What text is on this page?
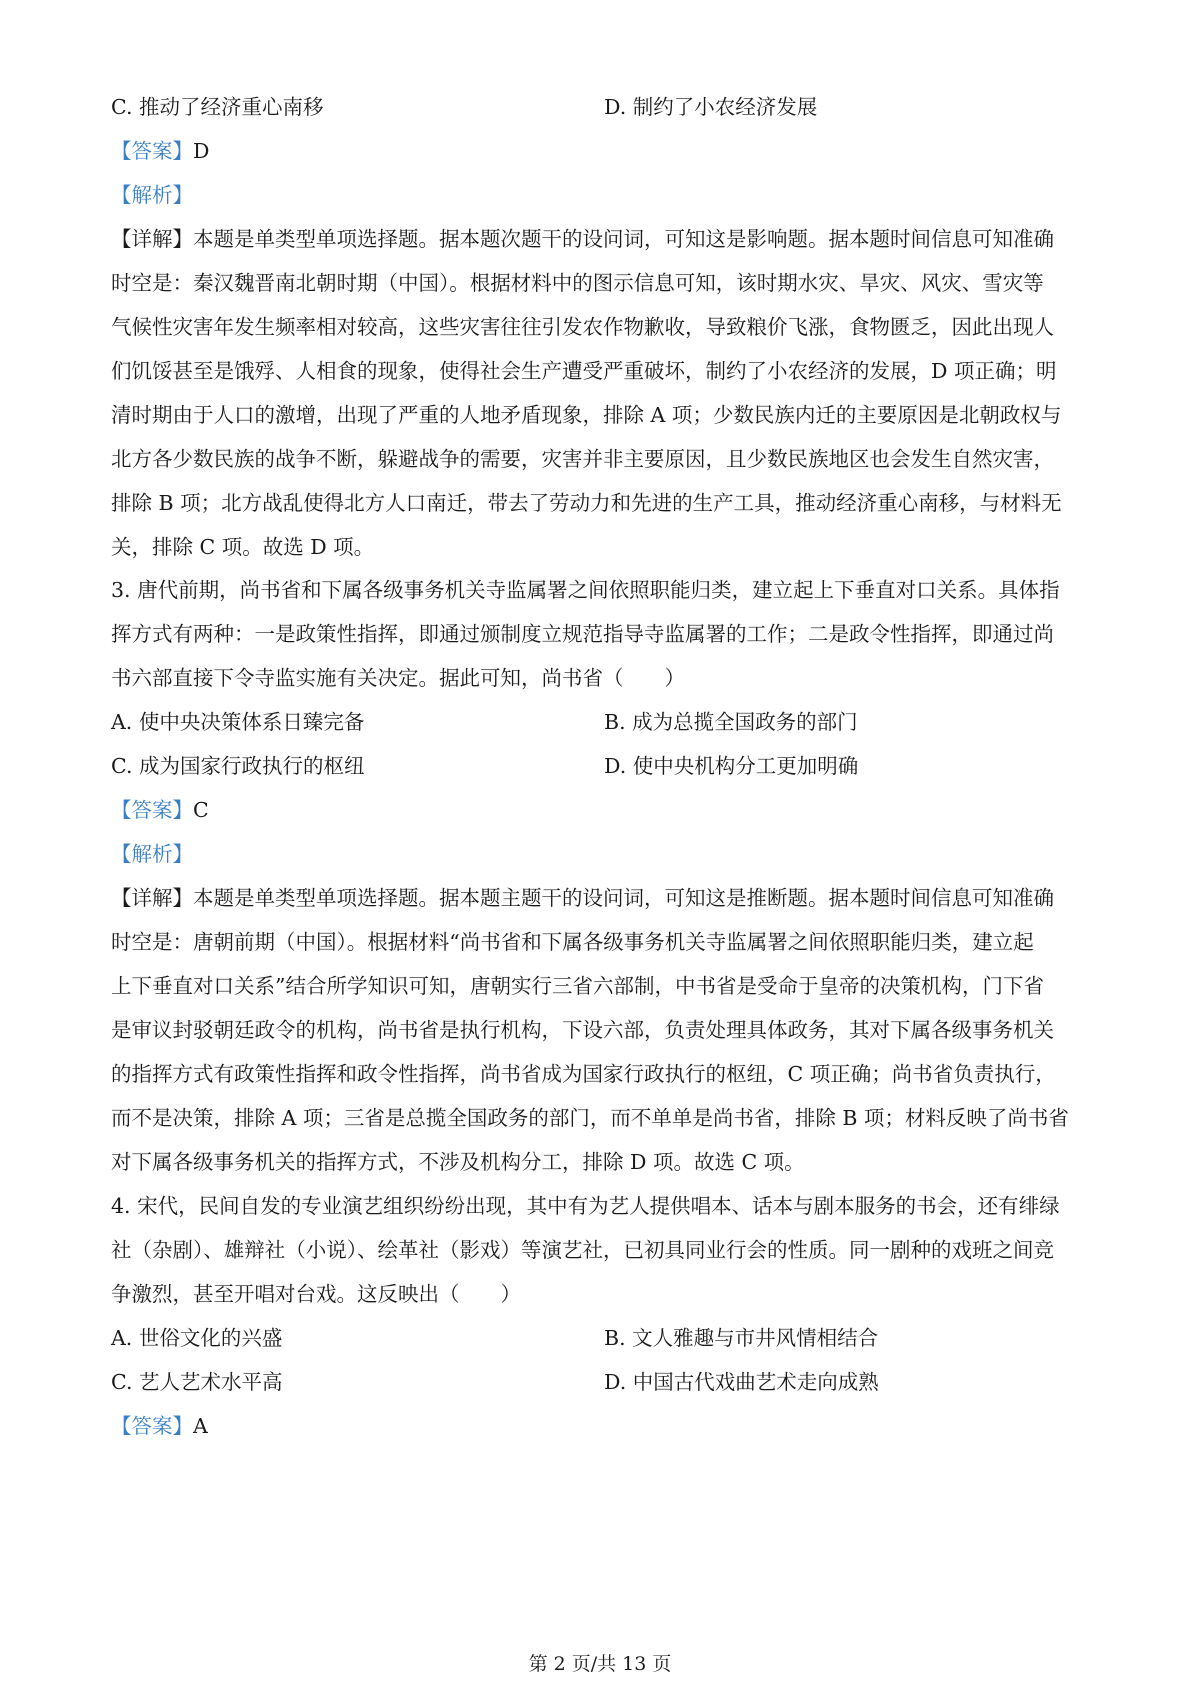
C. 推动了经济重心南移	D. 制约了小农经济发展
【答案】D
【解析】
【详解】本题是单类型单项选择题。据本题次题干的设问词，可知这是影响题。据本题时间信息可知准确
时空是：秦汉魏晋南北朝时期（中国）。根据材料中的图示信息可知，该时期水灾、旱灾、风灾、雪灾等
气候性灾害年发生频率相对较高，这些灾害往往引发农作物歉收，导致粮价飞涨，食物匮乏，因此出现人
们饥馁甚至是饿殍、人相食的现象，使得社会生产遭受严重破坏，制约了小农经济的发展，D 项正确；明
清时期由于人口的激增，出现了严重的人地矛盾现象，排除 A 项；少数民族内迁的主要原因是北朝政权与
北方各少数民族的战争不断，躲避战争的需要，灾害并非主要原因，且少数民族地区也会发生自然灾害，
排除 B 项；北方战乱使得北方人口南迁，带去了劳动力和先进的生产工具，推动经济重心南移，与材料无
关，排除 C 项。故选 D 项。
3. 唐代前期，尚书省和下属各级事务机关寺监属署之间依照职能归类，建立起上下垂直对口关系。具体指
挥方式有两种：一是政策性指挥，即通过颁制度立规范指导寺监属署的工作；二是政令性指挥，即通过尚
书六部直接下令寺监实施有关决定。据此可知，尚书省（　　）
A. 使中央决策体系日臻完备	B. 成为总揽全国政务的部门
C. 成为国家行政执行的枢纽	D. 使中央机构分工更加明确
【答案】C
【解析】
【详解】本题是单类型单项选择题。据本题主题干的设问词，可知这是推断题。据本题时间信息可知准确
时空是：唐朝前期（中国）。根据材料“尚书省和下属各级事务机关寺监属署之间依照职能归类，建立起
上下垂直对口关系”结合所学知识可知，唐朝实行三省六部制，中书省是受命于皇帝的决策机构，门下省
是审议封驳朝廷政令的机构，尚书省是执行机构，下设六部，负责处理具体政务，其对下属各级事务机关
的指挥方式有政策性指挥和政令性指挥，尚书省成为国家行政执行的枢纽，C 项正确；尚书省负责执行，
而不是决策，排除 A 项；三省是总揽全国政务的部门，而不单单是尚书省，排除 B 项；材料反映了尚书省
对下属各级事务机关的指挥方式，不涉及机构分工，排除 D 项。故选 C 项。
4. 宋代，民间自发的专业演艺组织纷纷出现，其中有为艺人提供唱本、话本与剧本服务的书会，还有绯绿
社（杂剧）、雄辩社（小说）、绘革社（影戏）等演艺社，已初具同业行会的性质。同一剧种的戏班之间竞
争激烈，甚至开唱对台戏。这反映出（　　）
A. 世俗文化的兴盛	B. 文人雅趣与市井风情相结合
C. 艺人艺术水平高	D. 中国古代戏曲艺术走向成熟
【答案】A
第 2 页/共 13 页
